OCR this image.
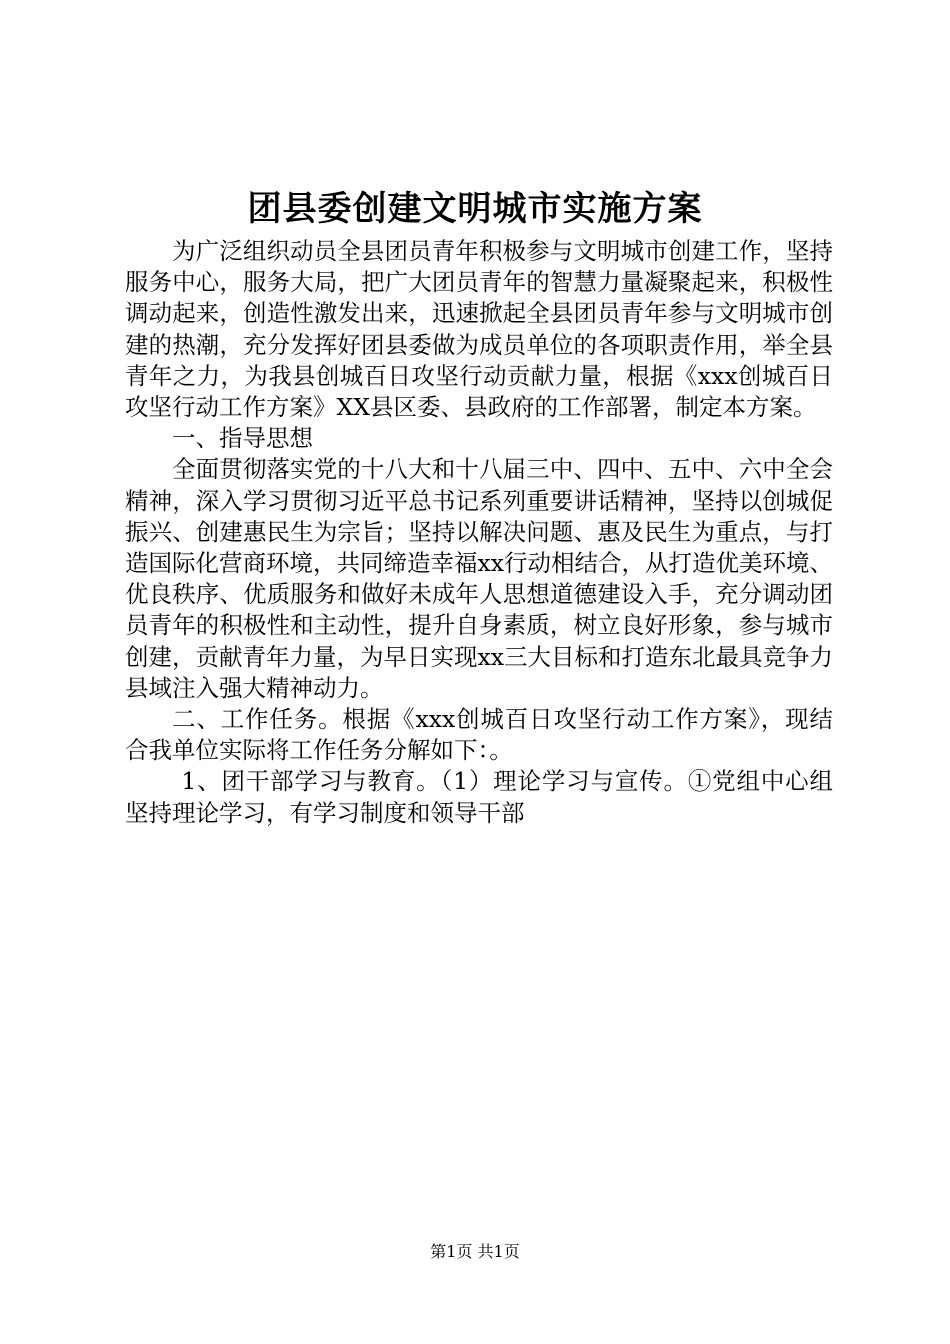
团县委创建文明城市实施方案

为广泛组织动员全县团员青年积极参与文明城市创建工作，坚持服务中心，服务大局，把广大团员青年的智慧力量凝聚起来，积极性调动起来，创造性激发出来，迅速掀起全县团员青年参与文明城市创建的热潮，充分发挥好团县委做为成员单位的各项职责作用，举全县青年之力，为我县创城百日攻坚行动贡献力量，根据《xxx创城百日攻坚行动工作方案》XX县区委、县政府的工作部署，制定本方案。

一、指导思想

全面贯彻落实党的十八大和十八届三中、四中、五中、六中全会精神，深入学习贯彻习近平总书记系列重要讲话精神，坚持以创城促振兴、创建惠民生为宗旨；坚持以解决问题、惠及民生为重点，与打造国际化营商环境，共同缔造幸福xx行动相结合，从打造优美环境、优良秩序、优质服务和做好未成年人思想道德建设入手，充分调动团员青年的积极性和主动性，提升自身素质，树立良好形象，参与城市创建，贡献青年力量，为早日实现xx三大目标和打造东北最具竞争力县域注入强大精神动力。

二、工作任务。根据《xxx创城百日攻坚行动工作方案》，现结合我单位实际将工作任务分解如下：。

1、团干部学习与教育。（1）理论学习与宣传。①党组中心组坚持理论学习，有学习制度和领导干部

第1页 共1页
